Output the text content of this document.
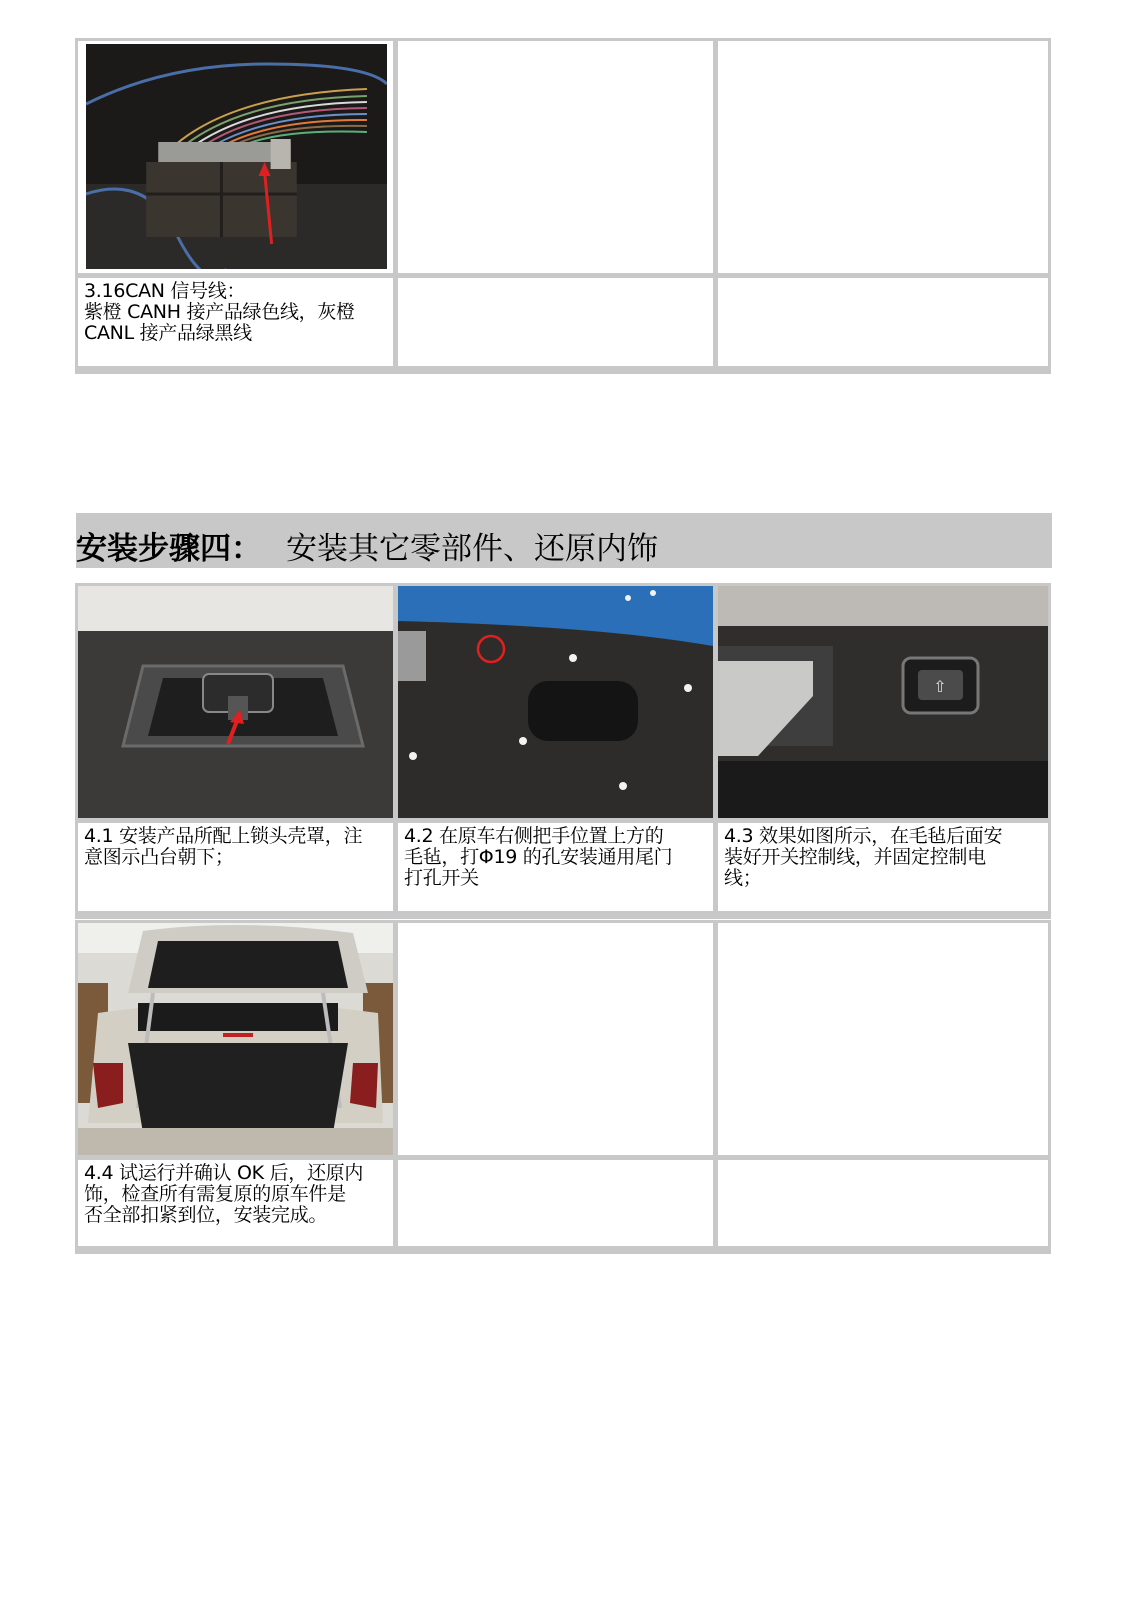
3.16CAN 信号线：
紫橙 CANH 接产品绿色线，灰橙
CANL 接产品绿黑线
安装步骤四： 安装其它零部件、还原内饰
⇧
4.1 安装产品所配上锁头壳罩，注
意图示凸台朝下；
4.2 在原车右侧把手位置上方的
毛毡，打Φ19 的孔安装通用尾门
打孔开关
4.3 效果如图所示，在毛毡后面安
装好开关控制线，并固定控制电
线；
4.4 试运行并确认 OK 后，还原内
饰，检查所有需复原的原车件是
否全部扣紧到位，安装完成。
